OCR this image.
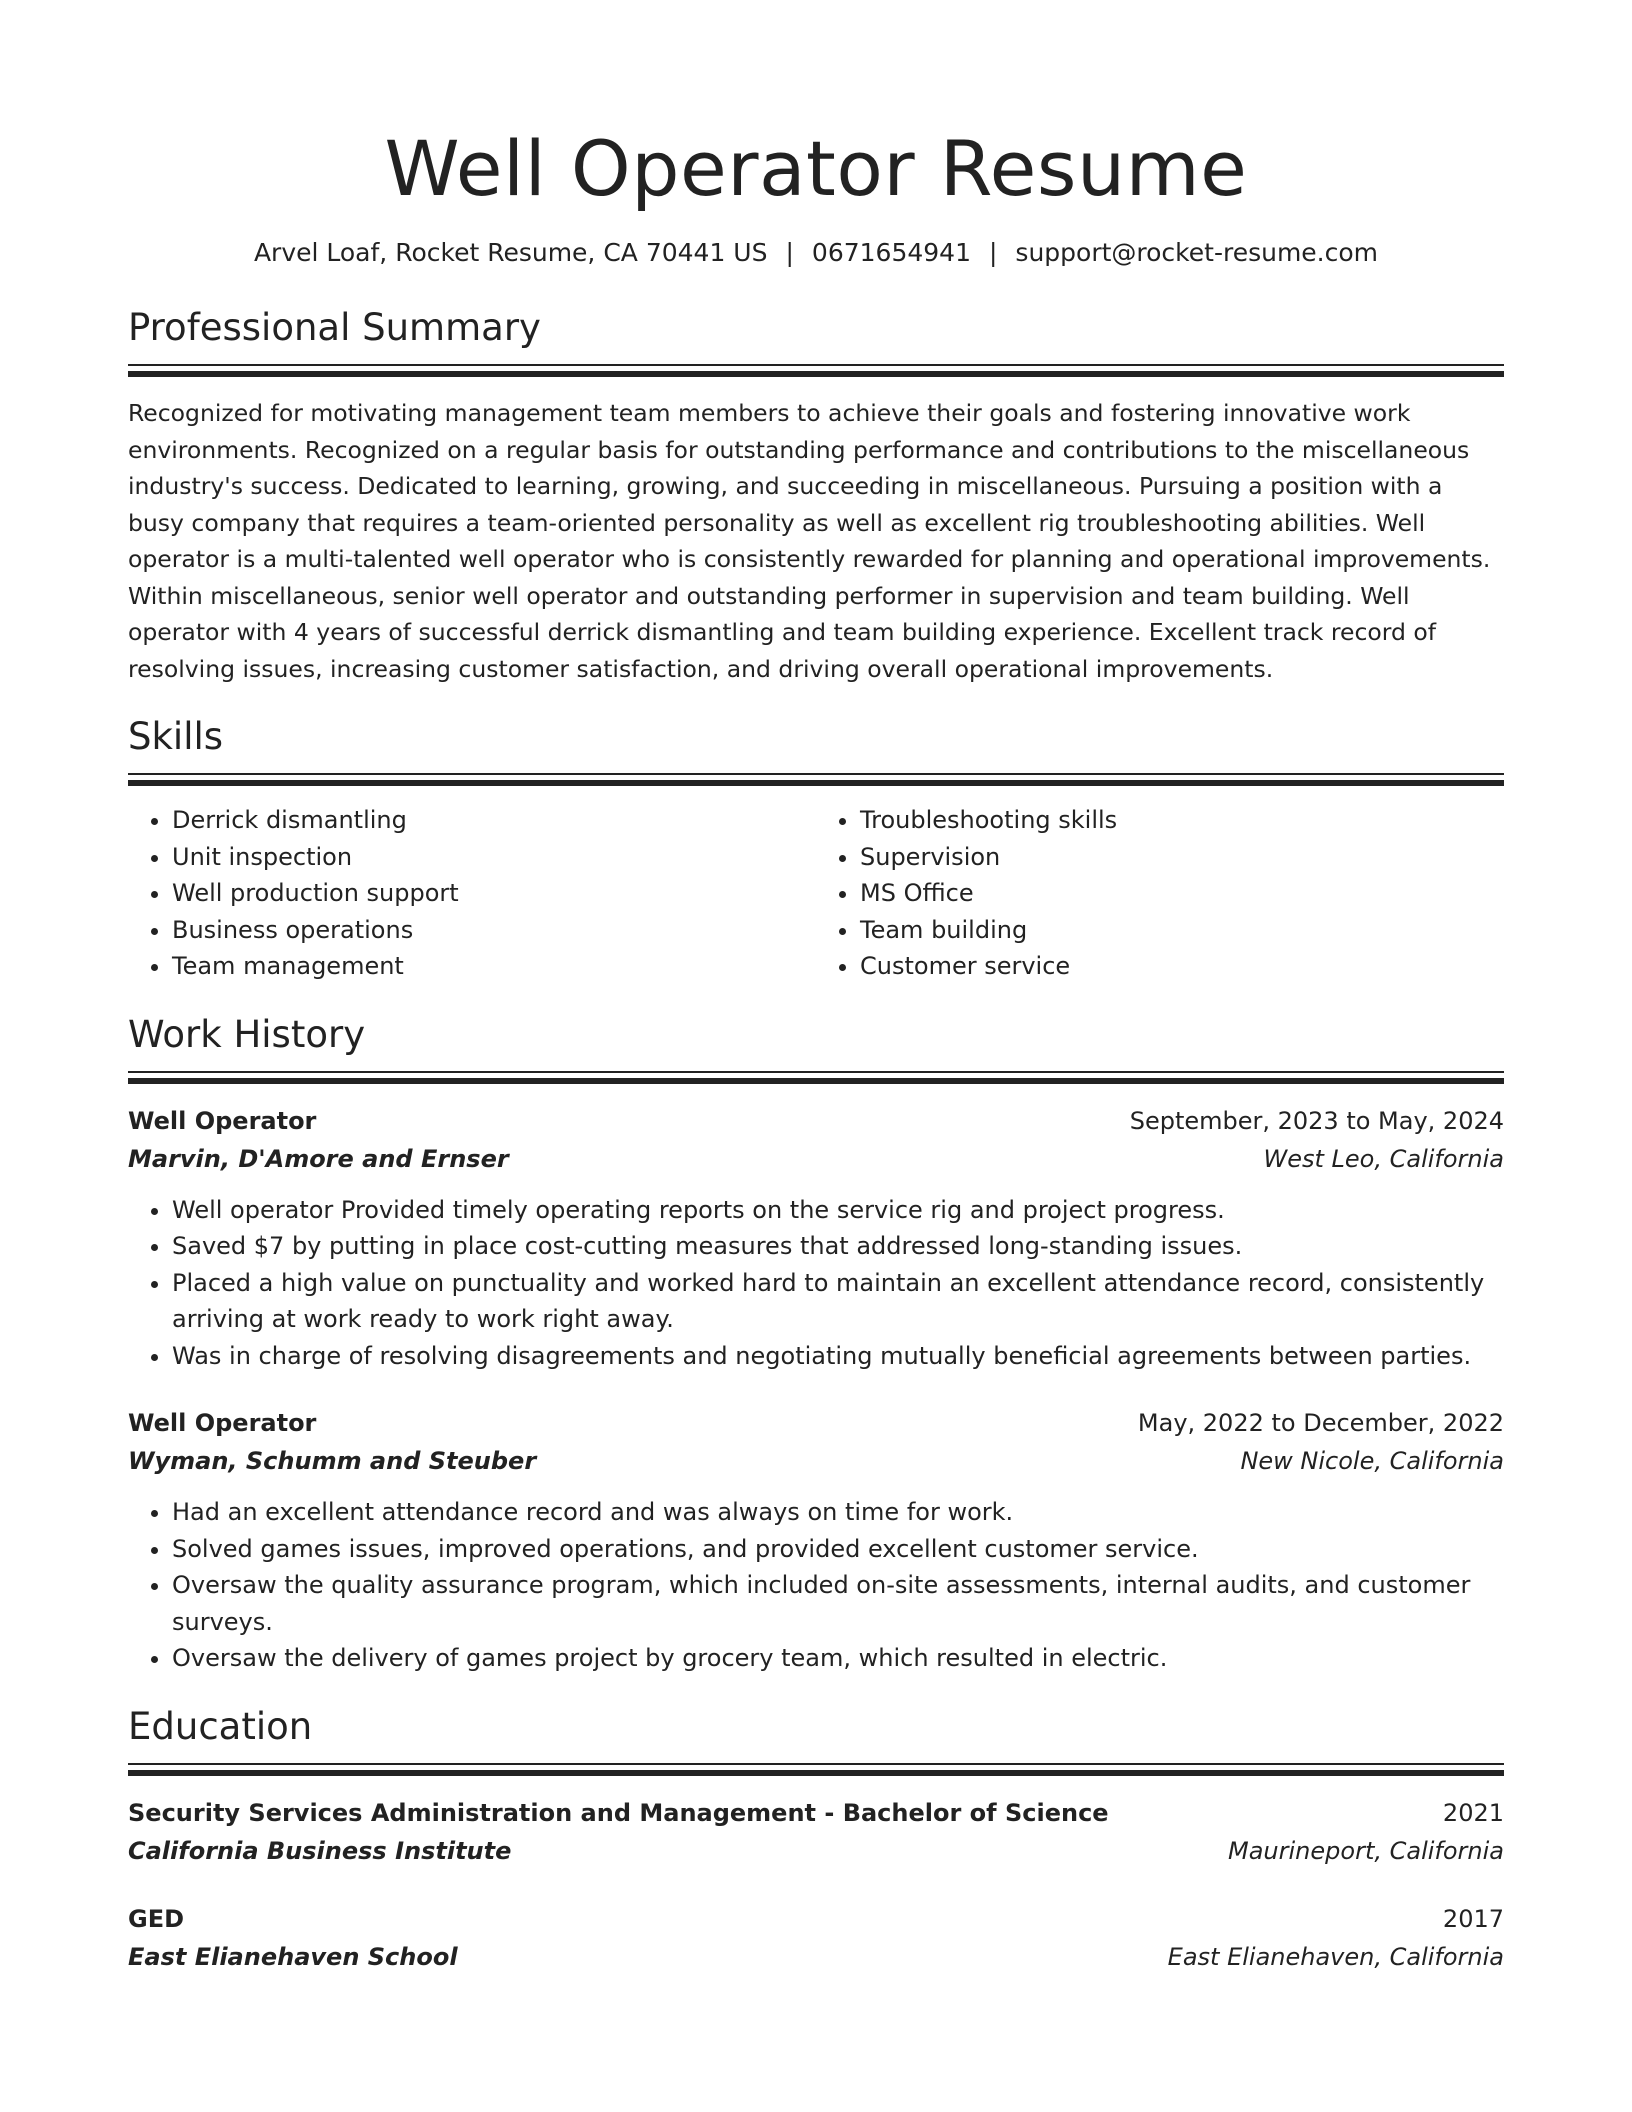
Well Operator Resume
Arvel Loaf, Rocket Resume, CA 70441 US | 0671654941 | support@rocket-resume.com
Professional Summary

Recognized for motivating management team members to achieve their goals and fostering innovative work environments. Recognized on a regular basis for outstanding performance and contributions to the miscellaneous industry's success. Dedicated to learning, growing, and succeeding in miscellaneous. Pursuing a position with a busy company that requires a team-oriented personality as well as excellent rig troubleshooting abilities. Well operator is a multi-talented well operator who is consistently rewarded for planning and operational improvements. Within miscellaneous, senior well operator and outstanding performer in supervision and team building. Well operator with 4 years of successful derrick dismantling and team building experience. Excellent track record of resolving issues, increasing customer satisfaction, and driving overall operational improvements.

Skills
• Derrick dismantling
• Unit inspection
• Well production support
• Business operations
• Team management
• Troubleshooting skills
• Supervision
• MS Office
• Team building
• Customer service
Work History
Well Operator	September, 2023 to May, 2024
Marvin, D'Amore and Ernser	West Leo, California
• Well operator Provided timely operating reports on the service rig and project progress.
• Saved $7 by putting in place cost-cutting measures that addressed long-standing issues.
• Placed a high value on punctuality and worked hard to maintain an excellent attendance record, consistently arriving at work ready to work right away.
• Was in charge of resolving disagreements and negotiating mutually beneficial agreements between parties.
Well Operator	May, 2022 to December, 2022
Wyman, Schumm and Steuber	New Nicole, California
• Had an excellent attendance record and was always on time for work.
• Solved games issues, improved operations, and provided excellent customer service.
• Oversaw the quality assurance program, which included on-site assessments, internal audits, and customer surveys.
• Oversaw the delivery of games project by grocery team, which resulted in electric.
Education
Security Services Administration and Management - Bachelor of Science	2021
California Business Institute	Maurineport, California
GED	2017
East Elianehaven School	East Elianehaven, California
